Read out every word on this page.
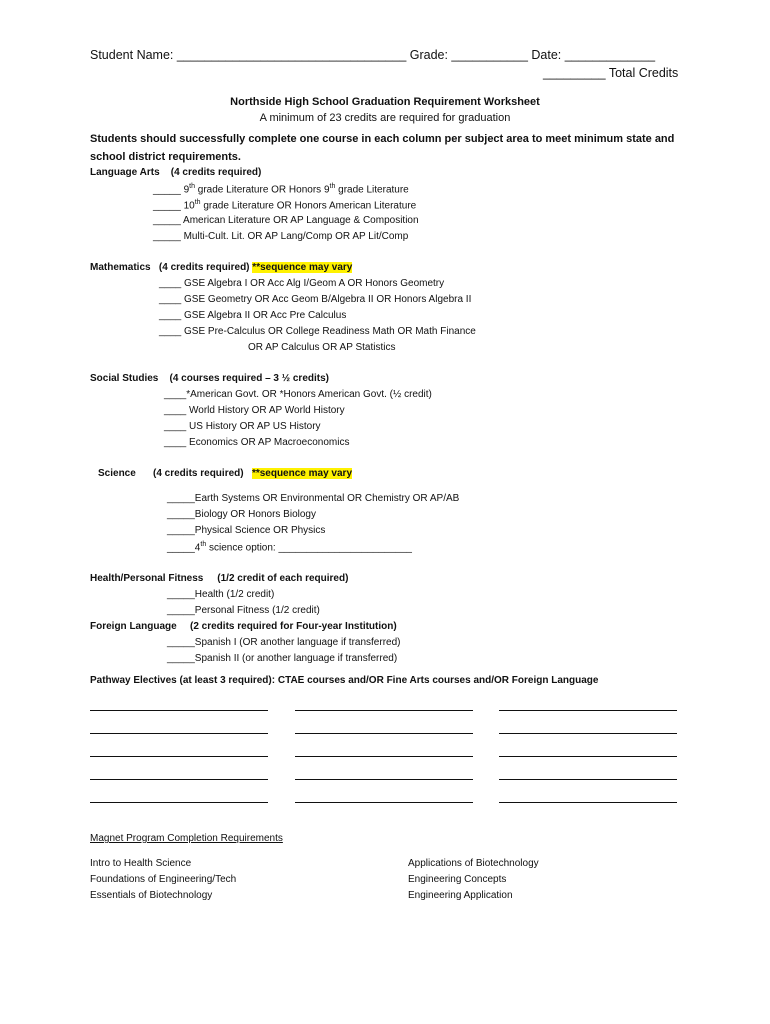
Student Name: _________________________________ Grade: ___________ Date: _____________
_________ Total Credits
Northside High School Graduation Requirement Worksheet
A minimum of 23 credits are required for graduation
Students should successfully complete one course in each column per subject area to meet minimum state and
school district requirements.
Language Arts (4 credits required)
_____ 9th grade Literature OR Honors 9th grade Literature
_____ 10th grade Literature OR Honors American Literature
_____ American Literature OR AP Language & Composition
_____ Multi-Cult. Lit. OR AP Lang/Comp OR AP Lit/Comp
Mathematics (4 credits required) **sequence may vary
____ GSE Algebra I OR Acc Alg I/Geom A OR Honors Geometry
____ GSE Geometry OR Acc Geom B/Algebra II OR Honors Algebra II
____ GSE Algebra II OR Acc Pre Calculus
____ GSE Pre-Calculus OR College Readiness Math OR Math Finance
OR AP Calculus OR AP Statistics
Social Studies (4 courses required – 3 ½ credits)
____*American Govt. OR *Honors American Govt. (½ credit)
____ World History OR AP World History
____ US History OR AP US History
____ Economics OR AP Macroeconomics
Science (4 credits required) **sequence may vary
_____Earth Systems OR Environmental OR Chemistry OR AP/AB
_____Biology OR Honors Biology
_____Physical Science OR Physics
_____4th science option: ________________________
Health/Personal Fitness (1/2 credit of each required)
_____Health (1/2 credit)
_____Personal Fitness (1/2 credit)
Foreign Language (2 credits required for Four-year Institution)
_____Spanish I (OR another language if transferred)
_____Spanish II (or another language if transferred)
Pathway Electives (at least 3 required): CTAE courses and/OR Fine Arts courses and/OR Foreign Language
Magnet Program Completion Requirements
Intro to Health Science
Foundations of Engineering/Tech
Essentials of Biotechnology
Applications of Biotechnology
Engineering Concepts
Engineering Application
